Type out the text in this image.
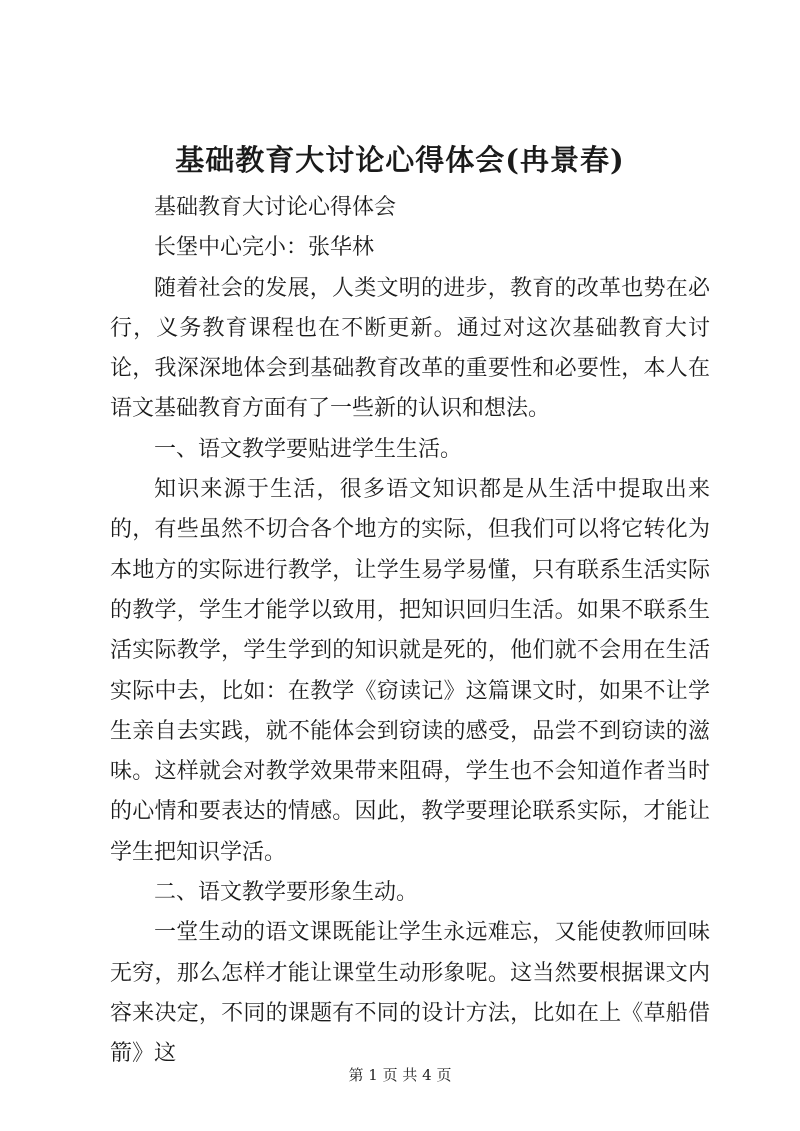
基础教育大讨论心得体会(冉景春)

基础教育大讨论心得体会

长堡中心完小：张华林

随着社会的发展，人类文明的进步，教育的改革也势在必行，义务教育课程也在不断更新。通过对这次基础教育大讨论，我深深地体会到基础教育改革的重要性和必要性，本人在语文基础教育方面有了一些新的认识和想法。

一、语文教学要贴进学生生活。

知识来源于生活，很多语文知识都是从生活中提取出来的，有些虽然不切合各个地方的实际，但我们可以将它转化为本地方的实际进行教学，让学生易学易懂，只有联系生活实际的教学，学生才能学以致用，把知识回归生活。如果不联系生活实际教学，学生学到的知识就是死的，他们就不会用在生活实际中去，比如：在教学《窃读记》这篇课文时，如果不让学生亲自去实践，就不能体会到窃读的感受，品尝不到窃读的滋味。这样就会对教学效果带来阻碍，学生也不会知道作者当时的心情和要表达的情感。因此，教学要理论联系实际，才能让学生把知识学活。

二、语文教学要形象生动。

一堂生动的语文课既能让学生永远难忘，又能使教师回味无穷，那么怎样才能让课堂生动形象呢。这当然要根据课文内容来决定，不同的课题有不同的设计方法，比如在上《草船借箭》这

第 1 页 共 4 页
